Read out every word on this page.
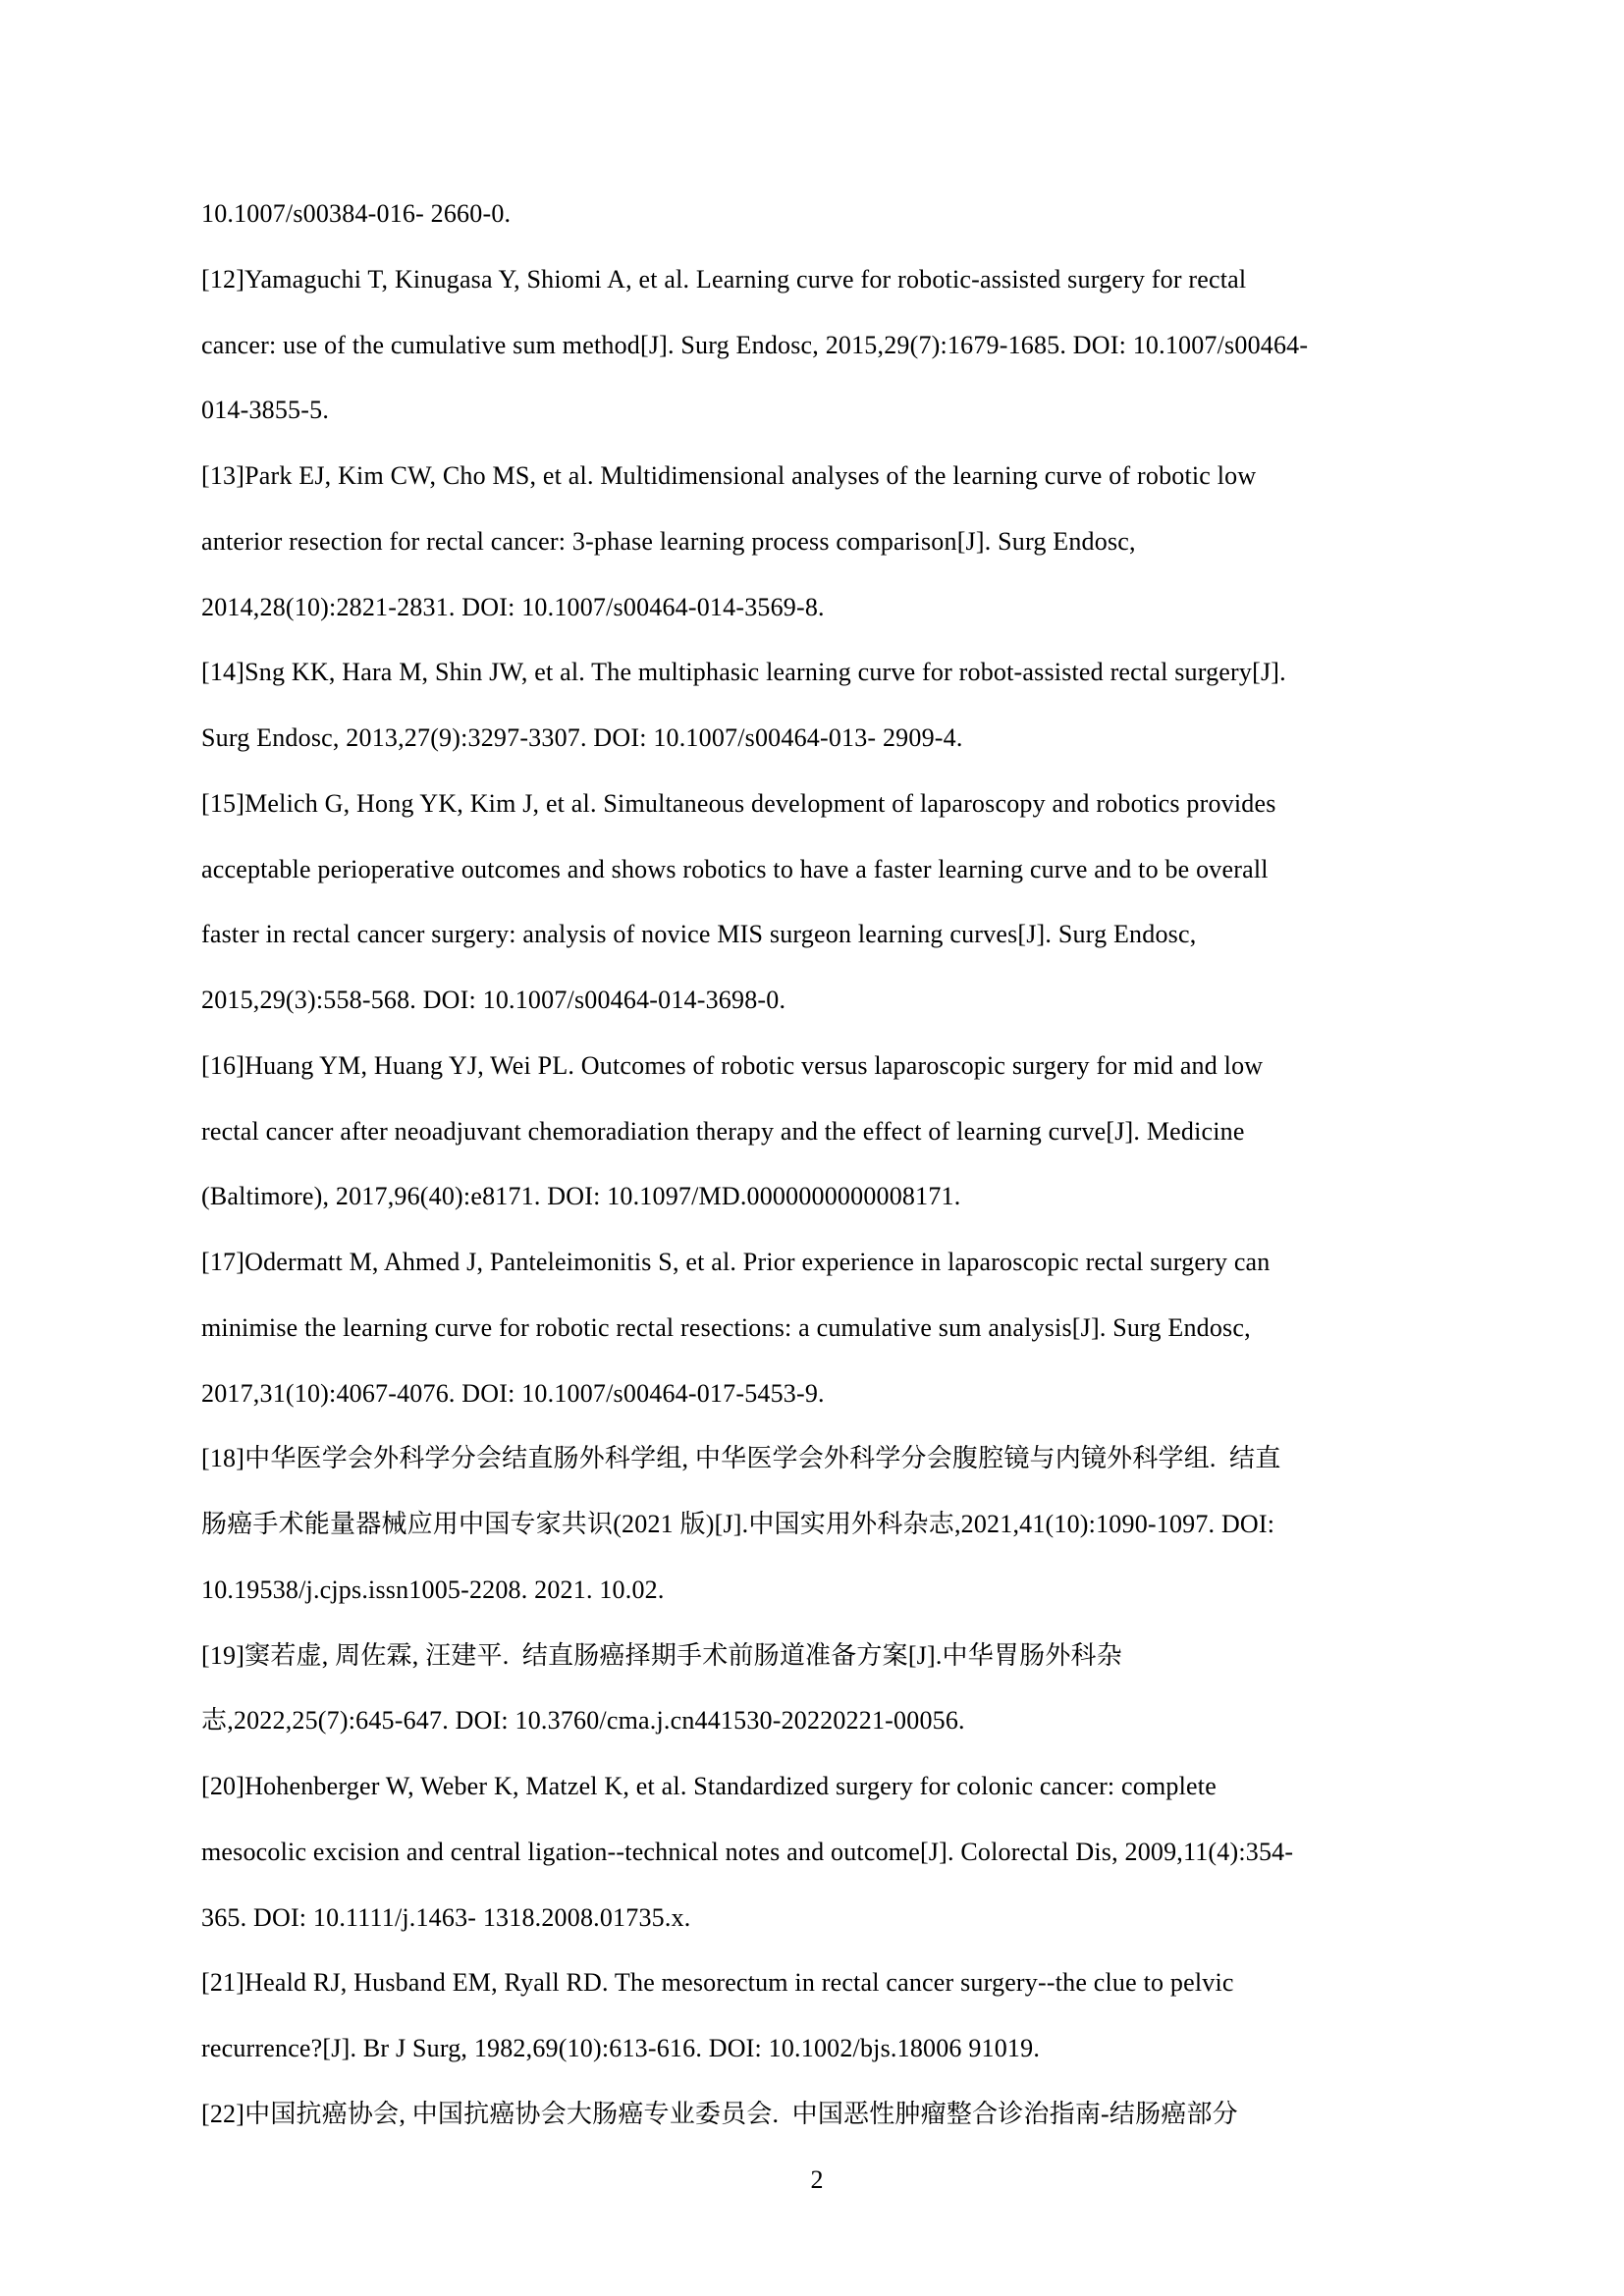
10.1007/s00384-016- 2660-0.
[12]Yamaguchi T, Kinugasa Y, Shiomi A, et al. Learning curve for robotic-assisted surgery for rectal
cancer: use of the cumulative sum method[J]. Surg Endosc, 2015,29(7):1679-1685. DOI: 10.1007/s00464-
014-3855-5.
[13]Park EJ, Kim CW, Cho MS, et al. Multidimensional analyses of the learning curve of robotic low
anterior resection for rectal cancer: 3-phase learning process comparison[J]. Surg Endosc,
2014,28(10):2821-2831. DOI: 10.1007/s00464-014-3569-8.
[14]Sng KK, Hara M, Shin JW, et al. The multiphasic learning curve for robot-assisted rectal surgery[J].
Surg Endosc, 2013,27(9):3297-3307. DOI: 10.1007/s00464-013- 2909-4.
[15]Melich G, Hong YK, Kim J, et al. Simultaneous development of laparoscopy and robotics provides
acceptable perioperative outcomes and shows robotics to have a faster learning curve and to be overall
faster in rectal cancer surgery: analysis of novice MIS surgeon learning curves[J]. Surg Endosc,
2015,29(3):558-568. DOI: 10.1007/s00464-014-3698-0.
[16]Huang YM, Huang YJ, Wei PL. Outcomes of robotic versus laparoscopic surgery for mid and low
rectal cancer after neoadjuvant chemoradiation therapy and the effect of learning curve[J]. Medicine
(Baltimore), 2017,96(40):e8171. DOI: 10.1097/MD.0000000000008171.
[17]Odermatt M, Ahmed J, Panteleimonitis S, et al. Prior experience in laparoscopic rectal surgery can
minimise the learning curve for robotic rectal resections: a cumulative sum analysis[J]. Surg Endosc,
2017,31(10):4067-4076. DOI: 10.1007/s00464-017-5453-9.
[18]中华医学会外科学分会结直肠外科学组, 中华医学会外科学分会腹腔镜与内镜外科学组.  结直
肠癌手术能量器械应用中国专家共识(2021 版)[J].中国实用外科杂志,2021,41(10):1090-1097. DOI:
10.19538/j.cjps.issn1005-2208. 2021. 10.02.
[19]窦若虚, 周佐霖, 汪建平.  结直肠癌择期手术前肠道准备方案[J].中华胃肠外科杂
志,2022,25(7):645-647. DOI: 10.3760/cma.j.cn441530-20220221-00056.
[20]Hohenberger W, Weber K, Matzel K, et al. Standardized surgery for colonic cancer: complete
mesocolic excision and central ligation--technical notes and outcome[J]. Colorectal Dis, 2009,11(4):354-
365. DOI: 10.1111/j.1463- 1318.2008.01735.x.
[21]Heald RJ, Husband EM, Ryall RD. The mesorectum in rectal cancer surgery--the clue to pelvic
recurrence?[J]. Br J Surg, 1982,69(10):613-616. DOI: 10.1002/bjs.18006 91019.
[22]中国抗癌协会, 中国抗癌协会大肠癌专业委员会.  中国恶性肿瘤整合诊治指南-结肠癌部分
2
